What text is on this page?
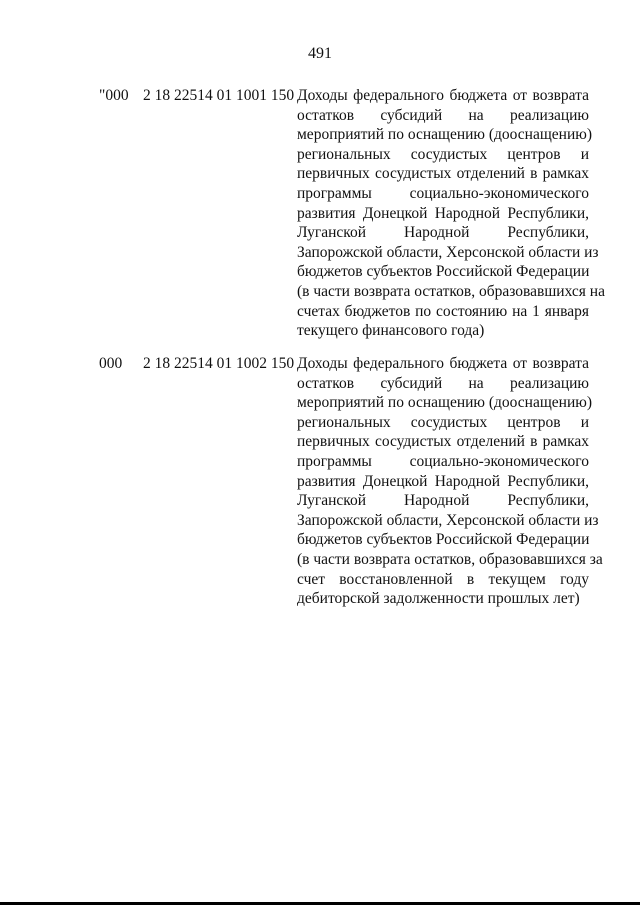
491
"000 2 18 22514 01 1001 150 Доходы федерального бюджета от возврата
остатков субсидий на реализацию
мероприятий по оснащению (дооснащению)
региональных сосудистых центров и
первичных сосудистых отделений в рамках
программы социально-экономического
развития Донецкой Народной Республики,
Луганской Народной Республики,
Запорожской области, Херсонской области из
бюджетов субъектов Российской Федерации
(в части возврата остатков, образовавшихся на
счетах бюджетов по состоянию на 1 января
текущего финансового года)
000 2 18 22514 01 1002 150 Доходы федерального бюджета от возврата
остатков субсидий на реализацию
мероприятий по оснащению (дооснащению)
региональных сосудистых центров и
первичных сосудистых отделений в рамках
программы социально-экономического
развития Донецкой Народной Республики,
Луганской Народной Республики,
Запорожской области, Херсонской области из
бюджетов субъектов Российской Федерации
(в части возврата остатков, образовавшихся за
счет восстановленной в текущем году
дебиторской задолженности прошлых лет)
